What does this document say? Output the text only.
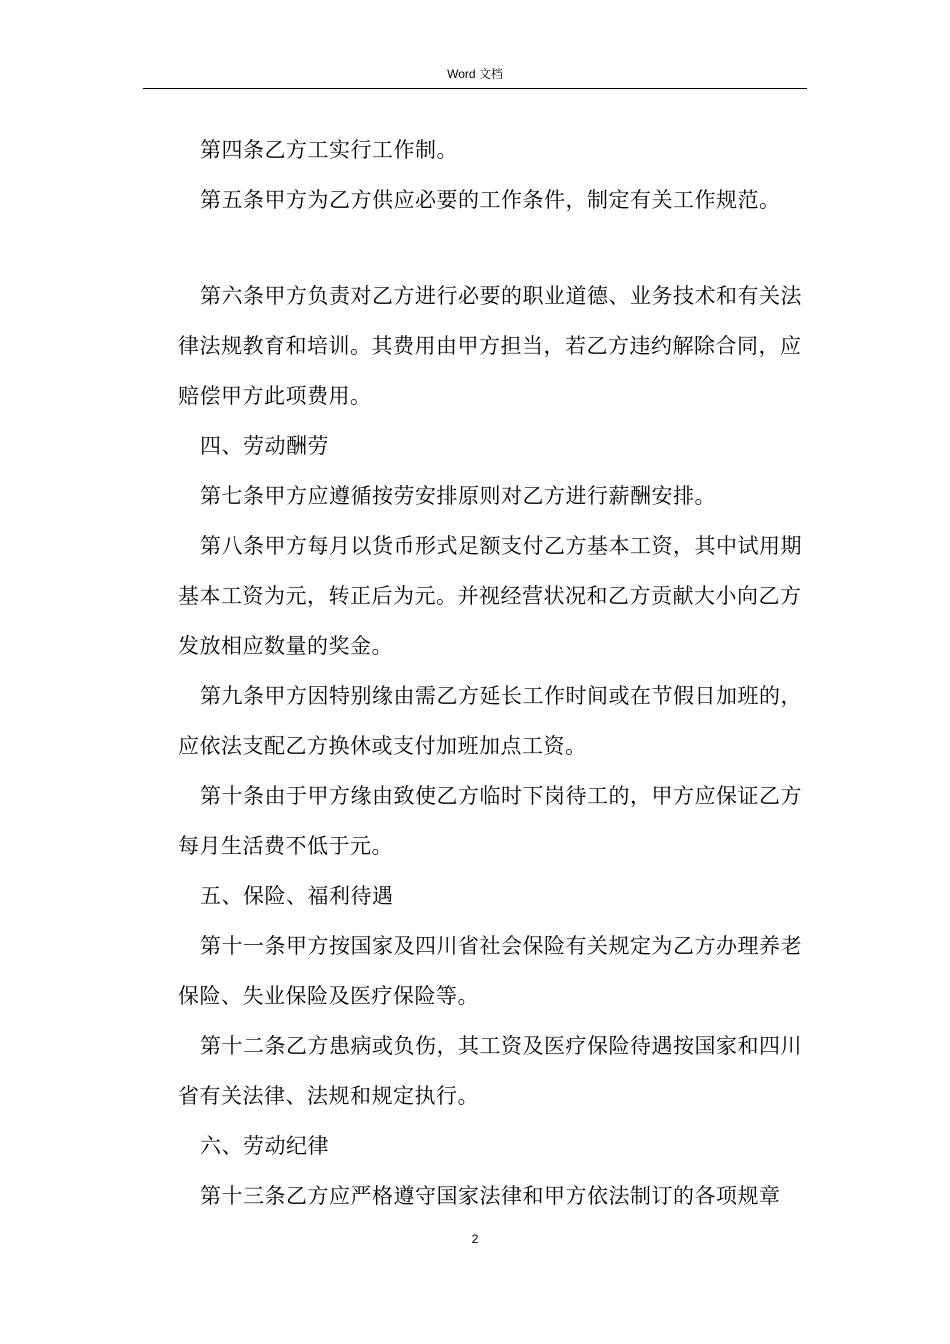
Word 文档

第四条乙方工实行工作制。

第五条甲方为乙方供应必要的工作条件，制定有关工作规范。

第六条甲方负责对乙方进行必要的职业道德、业务技术和有关法律法规教育和培训。其费用由甲方担当，若乙方违约解除合同，应赔偿甲方此项费用。

四、劳动酬劳

第七条甲方应遵循按劳安排原则对乙方进行薪酬安排。

第八条甲方每月以货币形式足额支付乙方基本工资，其中试用期基本工资为元，转正后为元。并视经营状况和乙方贡献大小向乙方发放相应数量的奖金。

第九条甲方因特别缘由需乙方延长工作时间或在节假日加班的，应依法支配乙方换休或支付加班加点工资。

第十条由于甲方缘由致使乙方临时下岗待工的，甲方应保证乙方每月生活费不低于元。

五、保险、福利待遇

第十一条甲方按国家及四川省社会保险有关规定为乙方办理养老保险、失业保险及医疗保险等。

第十二条乙方患病或负伤，其工资及医疗保险待遇按国家和四川省有关法律、法规和规定执行。

六、劳动纪律

第十三条乙方应严格遵守国家法律和甲方依法制订的各项规章

2
